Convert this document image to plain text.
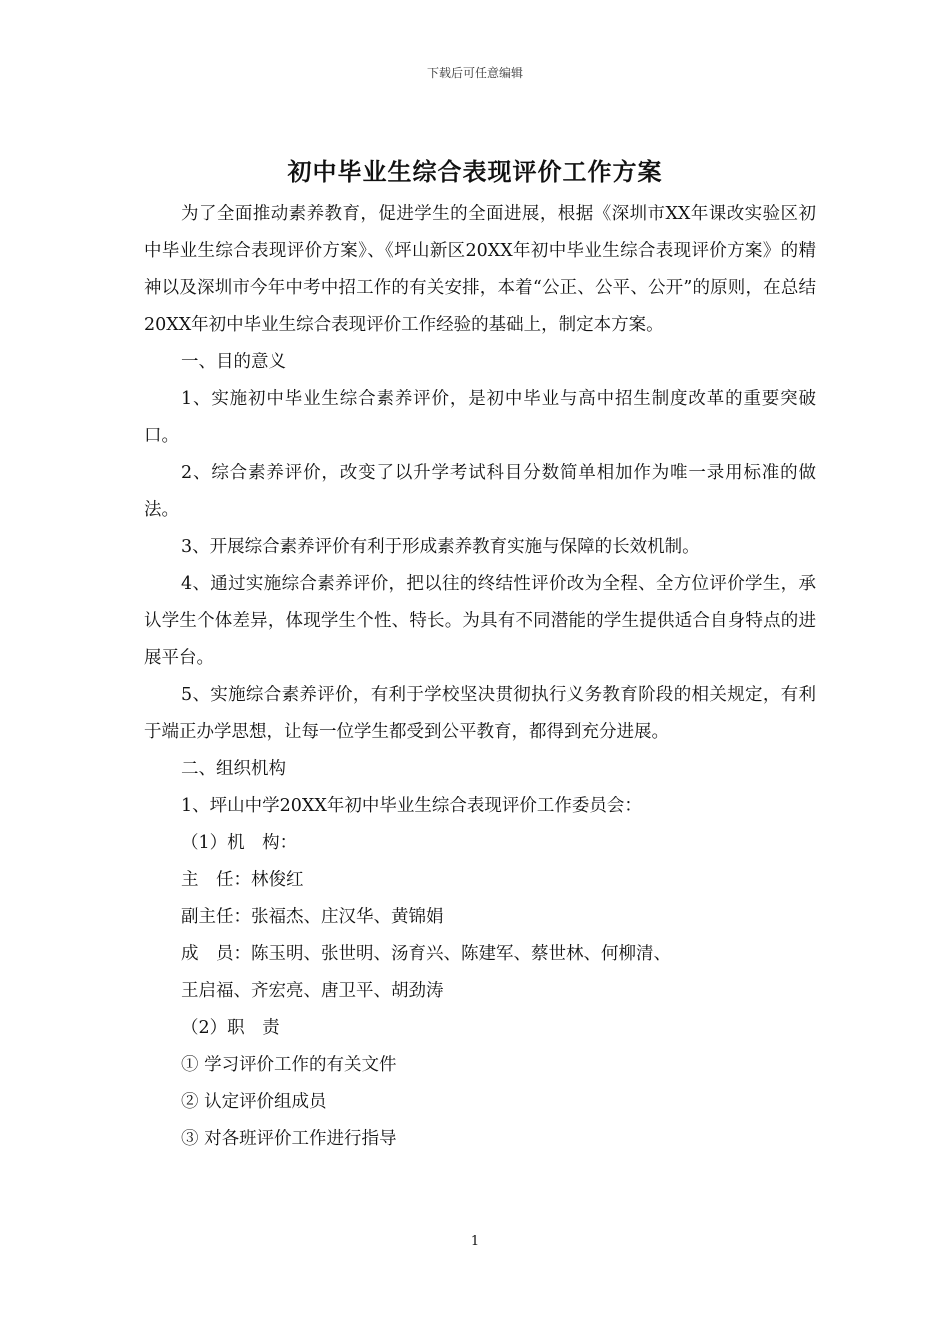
下载后可任意编辑
初中毕业生综合表现评价工作方案

为了全面推动素养教育，促进学生的全面进展，根据《深圳市XX年课改实验区初中毕业生综合表现评价方案》、《坪山新区20XX年初中毕业生综合表现评价方案》的精神以及深圳市今年中考中招工作的有关安排，本着“公正、公平、公开”的原则，在总结20XX年初中毕业生综合表现评价工作经验的基础上，制定本方案。

一、目的意义

1、实施初中毕业生综合素养评价，是初中毕业与高中招生制度改革的重要突破口。

2、综合素养评价，改变了以升学考试科目分数简单相加作为唯一录用标准的做法。

3、开展综合素养评价有利于形成素养教育实施与保障的长效机制。

4、通过实施综合素养评价，把以往的终结性评价改为全程、全方位评价学生，承认学生个体差异，体现学生个性、特长。为具有不同潜能的学生提供适合自身特点的进展平台。

5、实施综合素养评价，有利于学校坚决贯彻执行义务教育阶段的相关规定，有利于端正办学思想，让每一位学生都受到公平教育，都得到充分进展。

二、组织机构

1、坪山中学20XX年初中毕业生综合表现评价工作委员会：

（1）机　构：

主　任：林俊红

副主任：张福杰、庄汉华、黄锦娟

成　员：陈玉明、张世明、汤育兴、陈建军、蔡世林、何柳清、

王启福、齐宏亮、唐卫平、胡劲涛

（2）职　责

① 学习评价工作的有关文件

② 认定评价组成员

③ 对各班评价工作进行指导

1
